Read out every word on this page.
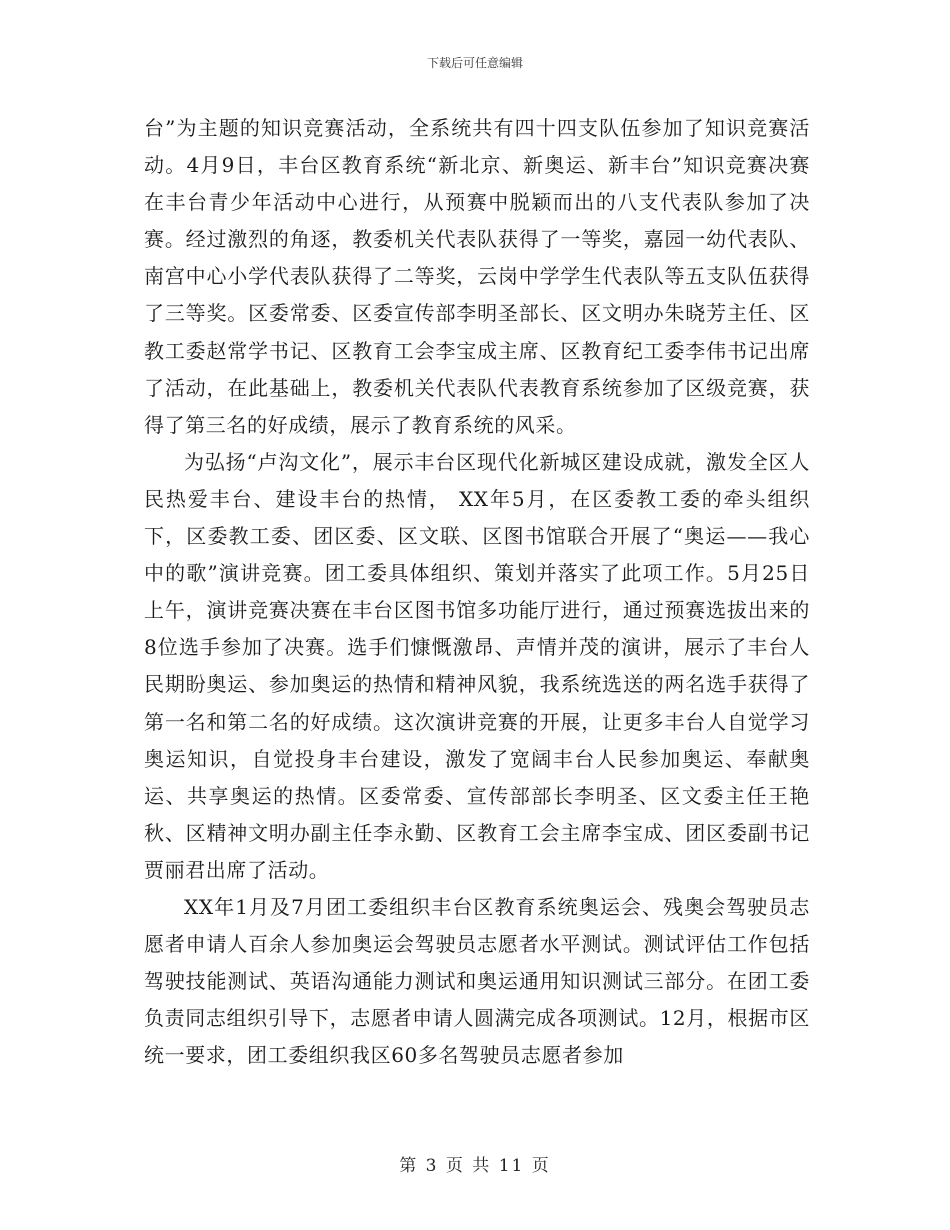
下载后可任意编辑

台”为主题的知识竞赛活动，全系统共有四十四支队伍参加了知识竞赛活动。4月9日，丰台区教育系统“新北京、新奥运、新丰台”知识竞赛决赛在丰台青少年活动中心进行，从预赛中脱颖而出的八支代表队参加了决赛。经过激烈的角逐，教委机关代表队获得了一等奖，嘉园一幼代表队、南宫中心小学代表队获得了二等奖，云岗中学学生代表队等五支队伍获得了三等奖。区委常委、区委宣传部李明圣部长、区文明办朱晓芳主任、区教工委赵常学书记、区教育工会李宝成主席、区教育纪工委李伟书记出席了活动，在此基础上，教委机关代表队代表教育系统参加了区级竞赛，获得了第三名的好成绩，展示了教育系统的风采。

为弘扬“卢沟文化”，展示丰台区现代化新城区建设成就，激发全区人民热爱丰台、建设丰台的热情， XX年5月，在区委教工委的牵头组织下，区委教工委、团区委、区文联、区图书馆联合开展了“奥运——我心中的歌”演讲竞赛。团工委具体组织、策划并落实了此项工作。5月25日上午，演讲竞赛决赛在丰台区图书馆多功能厅进行，通过预赛选拔出来的8位选手参加了决赛。选手们慷慨激昂、声情并茂的演讲，展示了丰台人民期盼奥运、参加奥运的热情和精神风貌，我系统选送的两名选手获得了第一名和第二名的好成绩。这次演讲竞赛的开展，让更多丰台人自觉学习奥运知识，自觉投身丰台建设，激发了宽阔丰台人民参加奥运、奉献奥运、共享奥运的热情。区委常委、宣传部部长李明圣、区文委主任王艳秋、区精神文明办副主任李永勤、区教育工会主席李宝成、团区委副书记贾丽君出席了活动。

XX年1月及7月团工委组织丰台区教育系统奥运会、残奥会驾驶员志愿者申请人百余人参加奥运会驾驶员志愿者水平测试。测试评估工作包括驾驶技能测试、英语沟通能力测试和奥运通用知识测试三部分。在团工委负责同志组织引导下，志愿者申请人圆满完成各项测试。12月，根据市区统一要求，团工委组织我区60多名驾驶员志愿者参加

第 3 页 共 11 页
